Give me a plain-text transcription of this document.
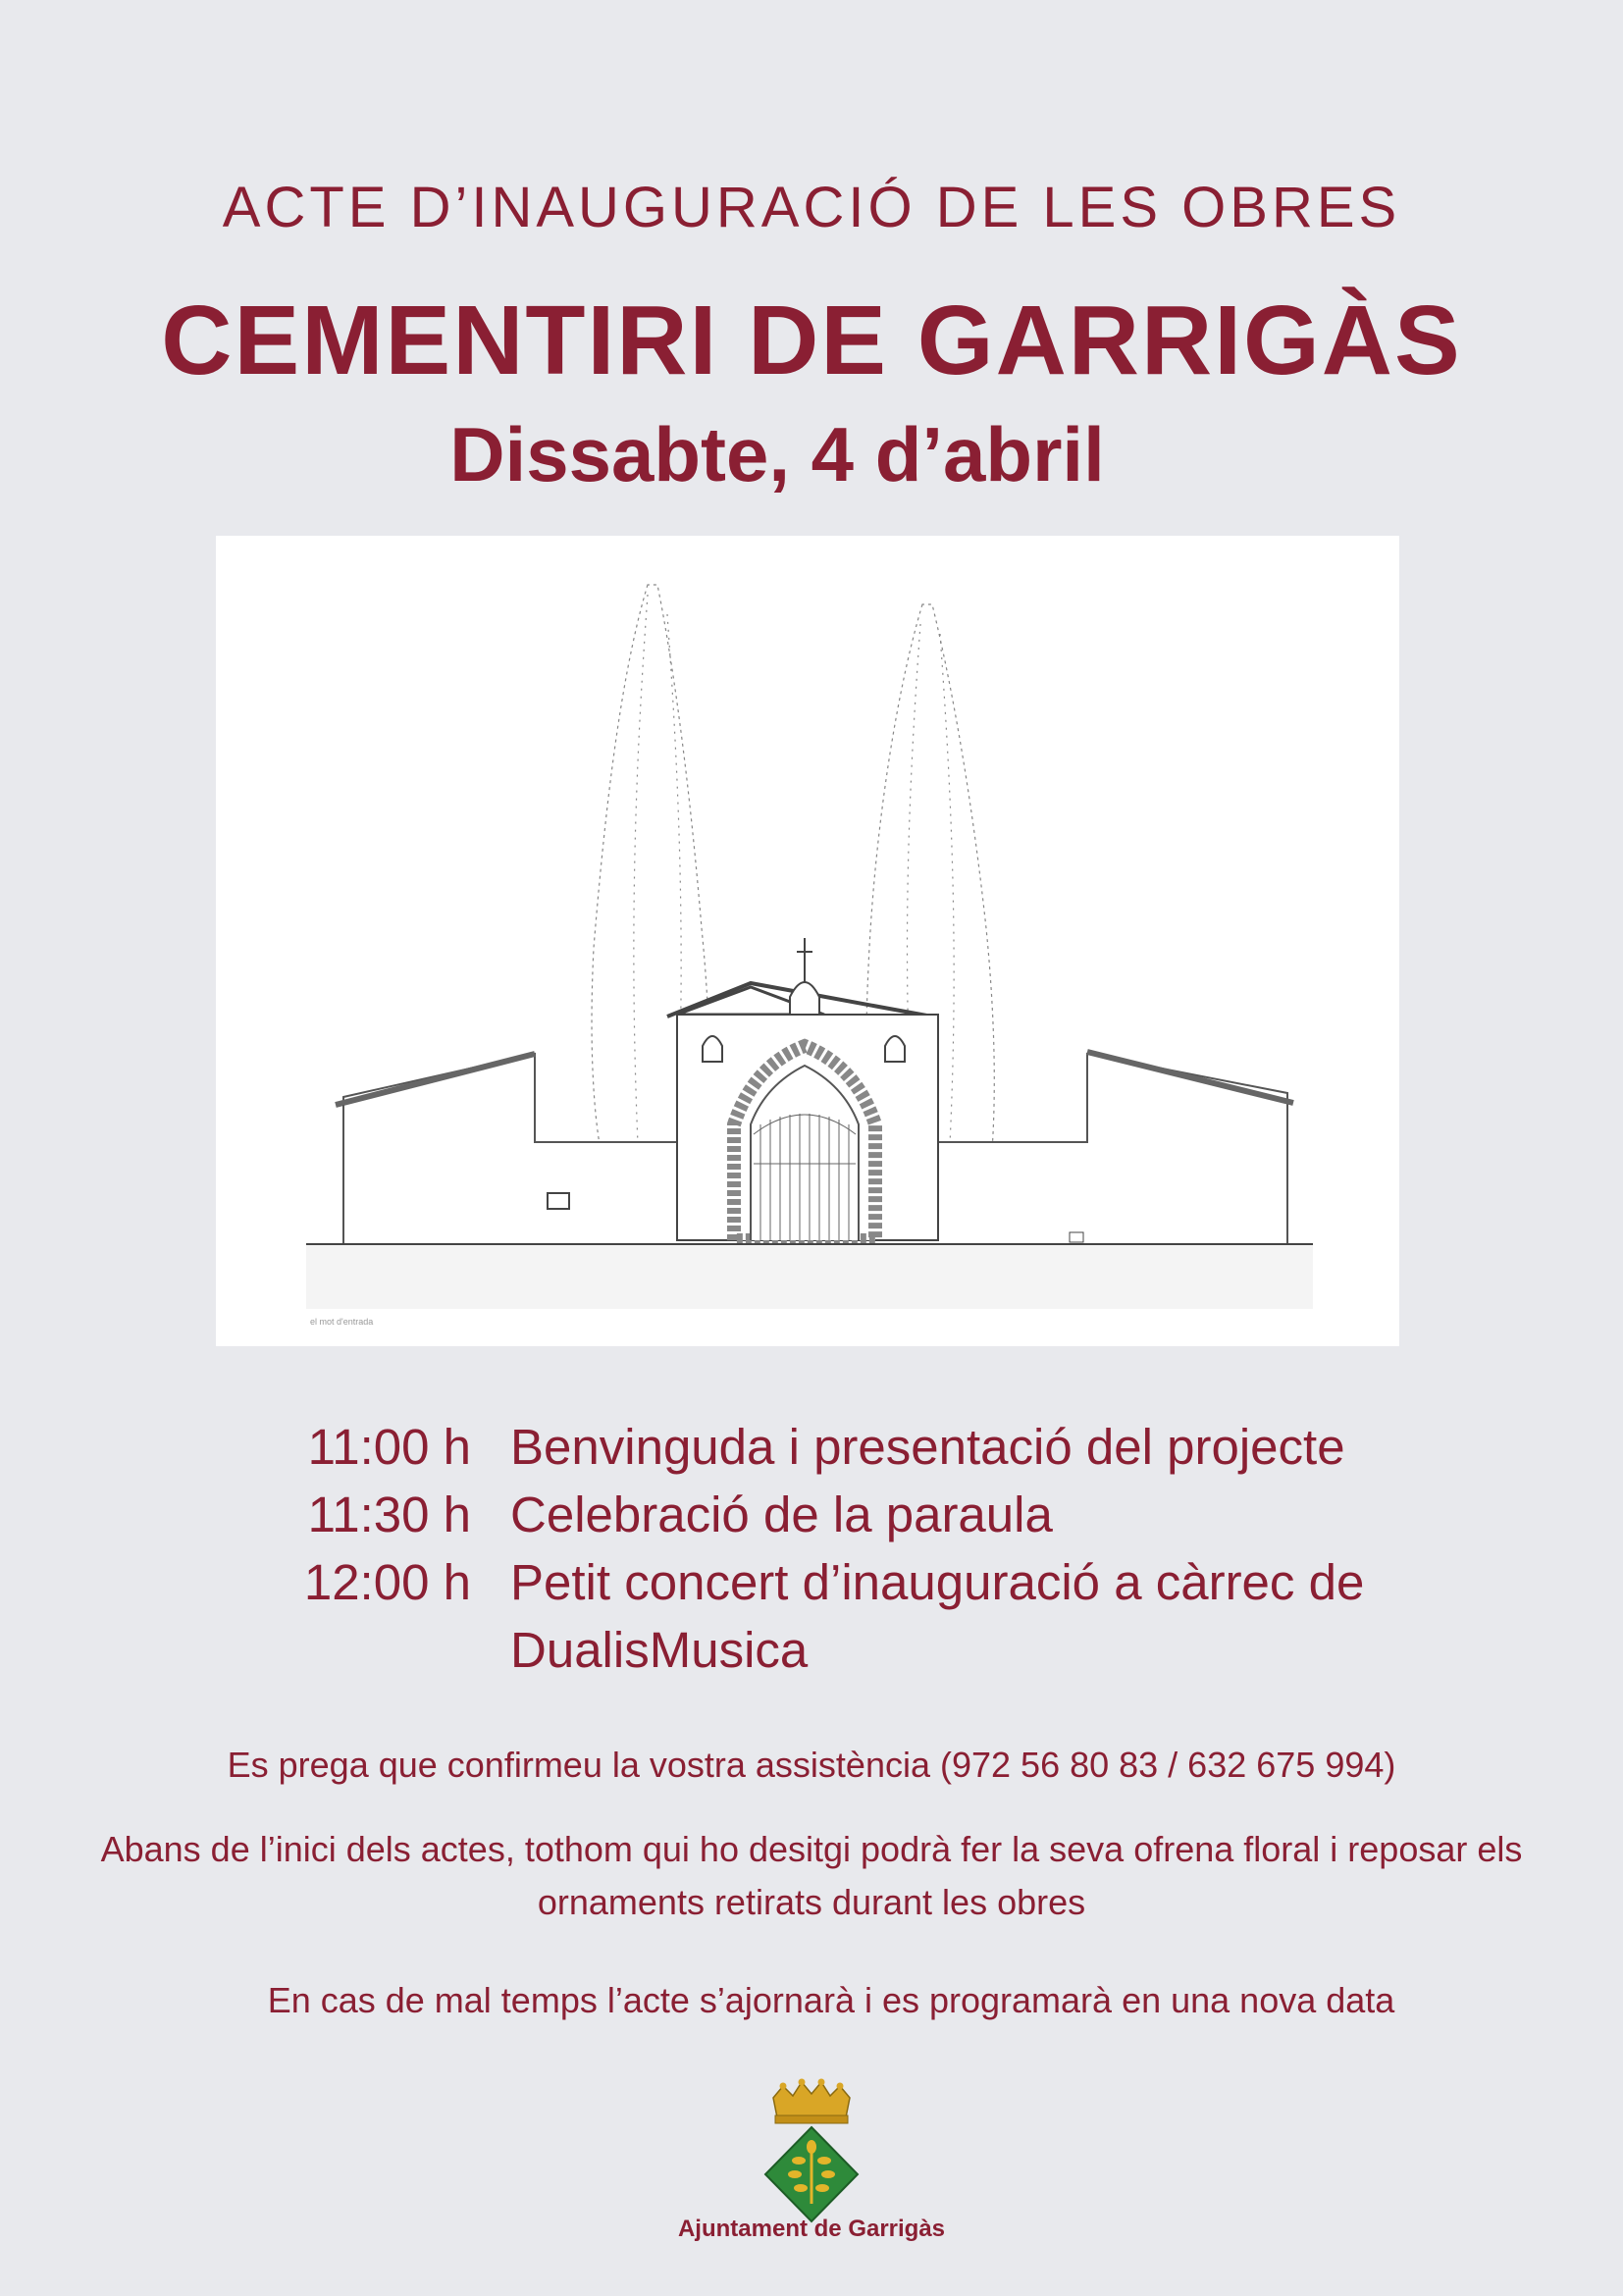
ACTE D’INAUGURACIÓ DE LES OBRES
CEMENTIRI DE GARRIGÀS
Dissabte, 4 d’abril
el mot d'entrada
11:00 h Benvinguda i presentació del projecte
11:30 h Celebració de la paraula
12:00 h Petit concert d’inauguració a càrrec de DualisMusica
Es prega que confirmeu la vostra assistència (972 56 80 83 / 632 675 994)
Abans de l’inici dels actes, tothom qui ho desitgi podrà fer la seva ofrena floral i reposar els ornaments retirats durant les obres
En cas de mal temps l’acte s’ajornarà i es programarà en una nova data
Ajuntament de Garrigàs
